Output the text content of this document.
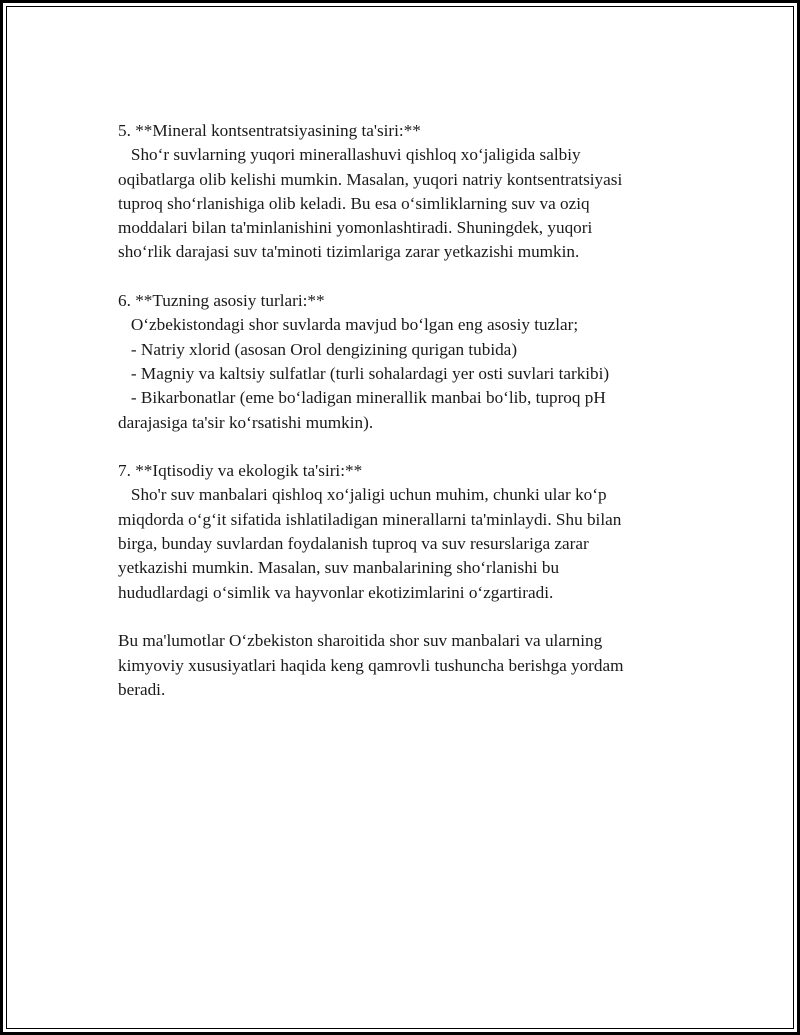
5. **Mineral kontsentratsiyasining ta'siri:**

Sho‘r suvlarning yuqori minerallashuvi qishloq xo‘jaligida salbiy

oqibatlarga olib kelishi mumkin. Masalan, yuqori natriy kontsentratsiyasi

tuproq sho‘rlanishiga olib keladi. Bu esa o‘simliklarning suv va oziq

moddalari bilan ta'minlanishini yomonlashtiradi. Shuningdek, yuqori

sho‘rlik darajasi suv ta'minoti tizimlariga zarar yetkazishi mumkin.

6. **Tuzning asosiy turlari:**

O‘zbekistondagi shor suvlarda mavjud bo‘lgan eng asosiy tuzlar;

- Natriy xlorid (asosan Orol dengizining qurigan tubida)

- Magniy va kaltsiy sulfatlar (turli sohalardagi yer osti suvlari tarkibi)

- Bikarbonatlar (eme bo‘ladigan minerallik manbai bo‘lib, tuproq pH

darajasiga ta'sir ko‘rsatishi mumkin).

7. **Iqtisodiy va ekologik ta'siri:**

Sho'r suv manbalari qishloq xo‘jaligi uchun muhim, chunki ular ko‘p

miqdorda o‘g‘it sifatida ishlatiladigan minerallarni ta'minlaydi. Shu bilan

birga, bunday suvlardan foydalanish tuproq va suv resurslariga zarar

yetkazishi mumkin. Masalan, suv manbalarining sho‘rlanishi bu

hududlardagi o‘simlik va hayvonlar ekotizimlarini o‘zgartiradi.

Bu ma'lumotlar O‘zbekiston sharoitida shor suv manbalari va ularning

kimyoviy xususiyatlari haqida keng qamrovli tushuncha berishga yordam

beradi.
